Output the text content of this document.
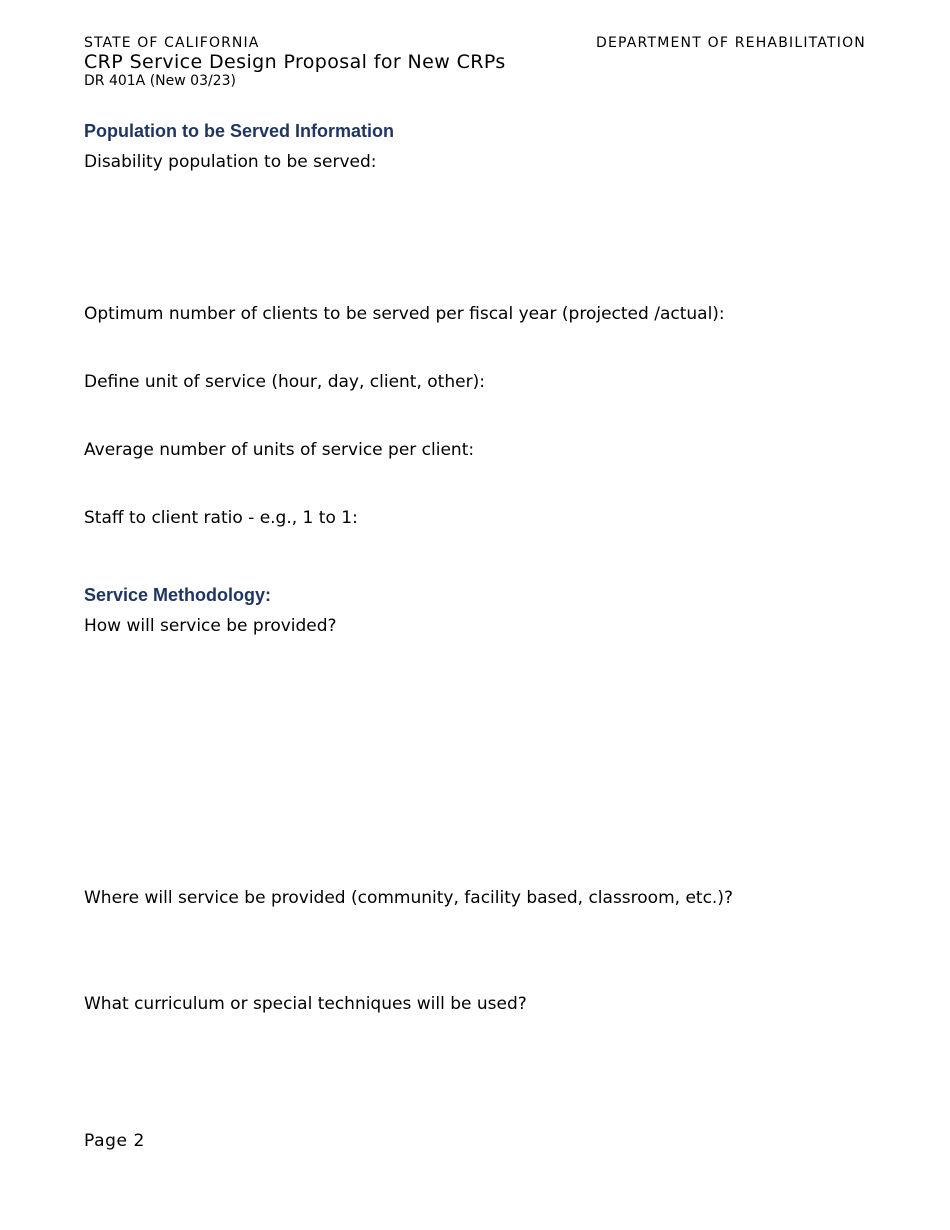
STATE OF CALIFORNIA	DEPARTMENT OF REHABILITATION
CRP Service Design Proposal for New CRPs
DR 401A (New 03/23)
Population to be Served Information
Disability population to be served:
Optimum number of clients to be served per fiscal year (projected /actual):
Define unit of service (hour, day, client, other):
Average number of units of service per client:
Staff to client ratio - e.g., 1 to 1:
Service Methodology:
How will service be provided?
Where will service be provided (community, facility based, classroom, etc.)?
What curriculum or special techniques will be used?
Page 2
